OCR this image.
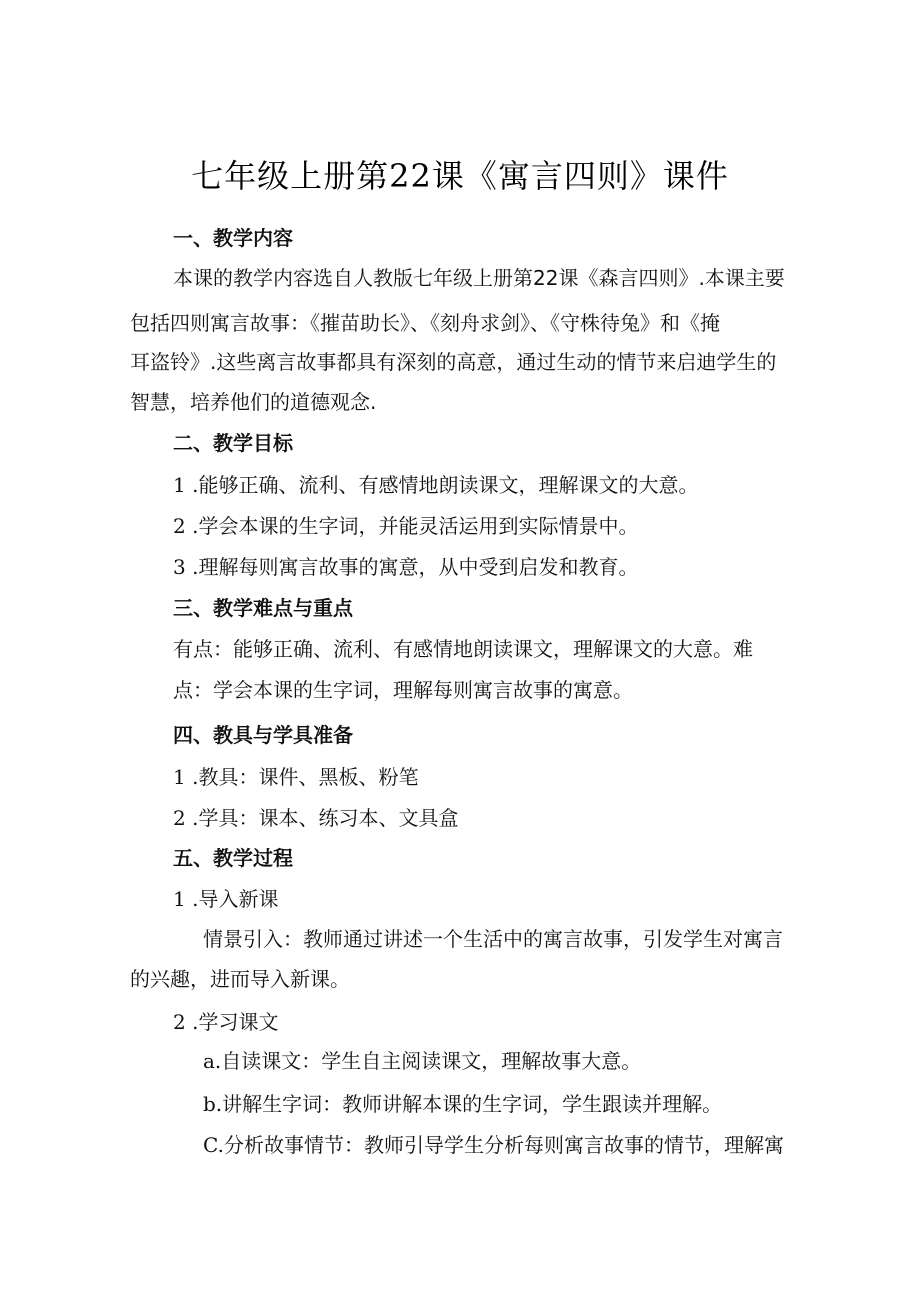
七年级上册第22课《寓言四则》课件
一、教学内容
本课的教学内容选自人教版七年级上册第22课《森言四则》.本课主要
包括四则寓言故事：《摧苗助长》、《刻舟求剑》、《守株待兔》和《掩
耳盗铃》.这些离言故事都具有深刻的高意，通过生动的情节来启迪学生的
智慧，培养他们的道德观念.
二、教学目标
1 .能够正确、流利、有感情地朗读课文，理解课文的大意。
2 .学会本课的生字词，并能灵活运用到实际情景中。
3 .理解每则寓言故事的寓意，从中受到启发和教育。
三、教学难点与重点
有点：能够正确、流利、有感情地朗读课文，理解课文的大意。难
点：学会本课的生字词，理解每则寓言故事的寓意。
四、教具与学具准备
1 .教具：课件、黑板、粉笔
2 .学具：课本、练习本、文具盒
五、教学过程
1 .导入新课
情景引入：教师通过讲述一个生活中的寓言故事，引发学生对寓言
的兴趣，进而导入新课。
2 .学习课文
a.自读课文：学生自主阅读课文，理解故事大意。
b.讲解生字词：教师讲解本课的生字词，学生跟读并理解。
C.分析故事情节：教师引导学生分析每则寓言故事的情节，理解寓
